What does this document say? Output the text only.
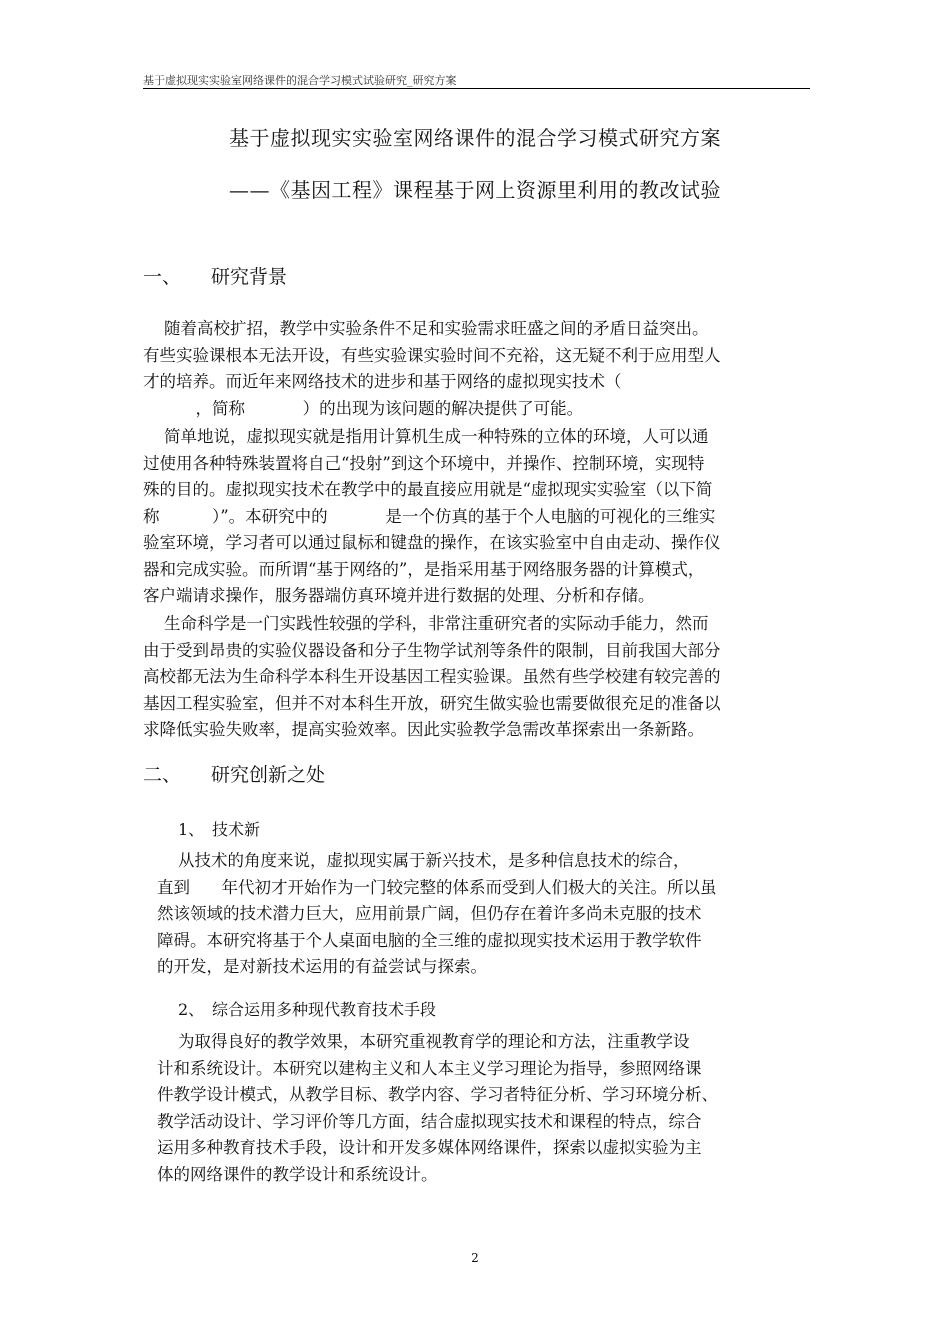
基于虚拟现实实验室网络课件的混合学习模式试验研究_研究方案
基于虚拟现实实验室网络课件的混合学习模式研究方案
——《基因工程》课程基于网上资源里利用的教改试验
一、 研究背景
随着高校扩招，教学中实验条件不足和实验需求旺盛之间的矛盾日益突出。
有些实验课根本无法开设，有些实验课实验时间不充裕，这无疑不利于应用型人
才的培养。而近年来网络技术的进步和基于网络的虚拟现实技术（
，简称           ）的出现为该问题的解决提供了可能。
简单地说，虚拟现实就是指用计算机生成一种特殊的立体的环境，人可以通
过使用各种特殊装置将自己“投射”到这个环境中，并操作、控制环境，实现特
殊的目的。虚拟现实技术在教学中的最直接应用就是“虚拟现实实验室（以下简
称          ）”。本研究中的           是一个仿真的基于个人电脑的可视化的三维实
验室环境，学习者可以通过鼠标和键盘的操作，在该实验室中自由走动、操作仪
器和完成实验。而所谓“基于网络的”，是指采用基于网络服务器的计算模式，
客户端请求操作，服务器端仿真环境并进行数据的处理、分析和存储。
生命科学是一门实践性较强的学科，非常注重研究者的实际动手能力，然而
由于受到昂贵的实验仪器设备和分子生物学试剂等条件的限制，目前我国大部分
高校都无法为生命科学本科生开设基因工程实验课。虽然有些学校建有较完善的
基因工程实验室，但并不对本科生开放，研究生做实验也需要做很充足的准备以
求降低实验失败率，提高实验效率。因此实验教学急需改革探索出一条新路。
二、 研究创新之处
1、 技术新
从技术的角度来说，虚拟现实属于新兴技术，是多种信息技术的综合，
直到      年代初才开始作为一门较完整的体系而受到人们极大的关注。所以虽
然该领域的技术潜力巨大，应用前景广阔，但仍存在着许多尚未克服的技术
障碍。本研究将基于个人桌面电脑的全三维的虚拟现实技术运用于教学软件
的开发，是对新技术运用的有益尝试与探索。
2、 综合运用多种现代教育技术手段
为取得良好的教学效果，本研究重视教育学的理论和方法，注重教学设
计和系统设计。本研究以建构主义和人本主义学习理论为指导，参照网络课
件教学设计模式，从教学目标、教学内容、学习者特征分析、学习环境分析、
教学活动设计、学习评价等几方面，结合虚拟现实技术和课程的特点，综合
运用多种教育技术手段，设计和开发多媒体网络课件，探索以虚拟实验为主
体的网络课件的教学设计和系统设计。
2
